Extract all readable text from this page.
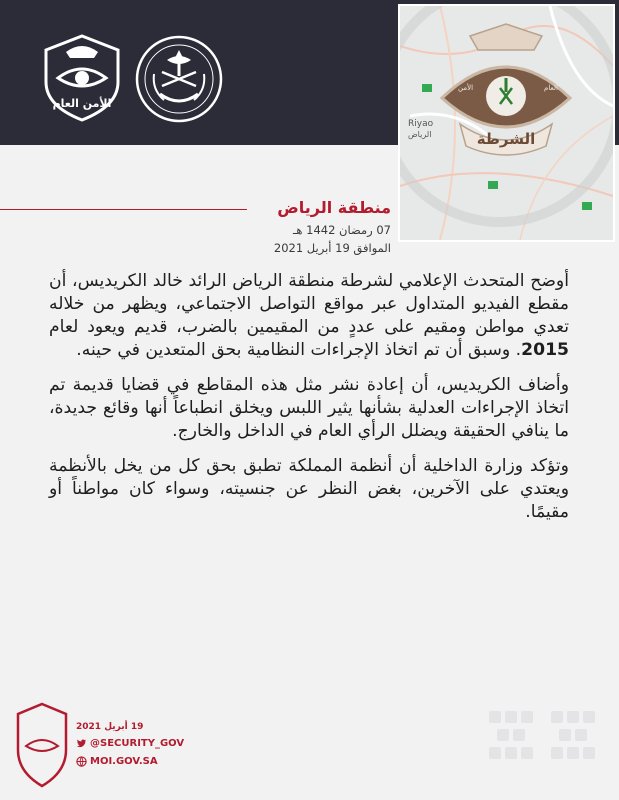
الأمن العام
Riyao
الرياض	الشرطة
الأمن	العام
منطقة الرياض
07 رمضان 1442 هـ
الموافق 19 أبريل 2021

أوضح المتحدث الإعلامي لشرطة منطقة الرياض الرائد خالد الكريديس، أن مقطع الفيديو المتداول عبر مواقع التواصل الاجتماعي، ويظهر من خلاله تعدي مواطن ومقيم على عددٍ من المقيمين بالضرب، قديم ويعود لعام 2015. وسبق أن تم اتخاذ الإجراءات النظامية بحق المتعدين في حينه.

وأضاف الكريديس، أن إعادة نشر مثل هذه المقاطع في قضايا قديمة تم اتخاذ الإجراءات العدلية بشأنها يثير اللبس ويخلق انطباعاً أنها وقائع جديدة، ما ينافي الحقيقة ويضلل الرأي العام في الداخل والخارج.

وتؤكد وزارة الداخلية أن أنظمة المملكة تطبق بحق كل من يخل بالأنظمة ويعتدي على الآخرين، بغض النظر عن جنسيته، وسواء كان مواطناً أو مقيمًا.

19 أبريل 2021
@SECURITY_GOV
MOI.GOV.SA
